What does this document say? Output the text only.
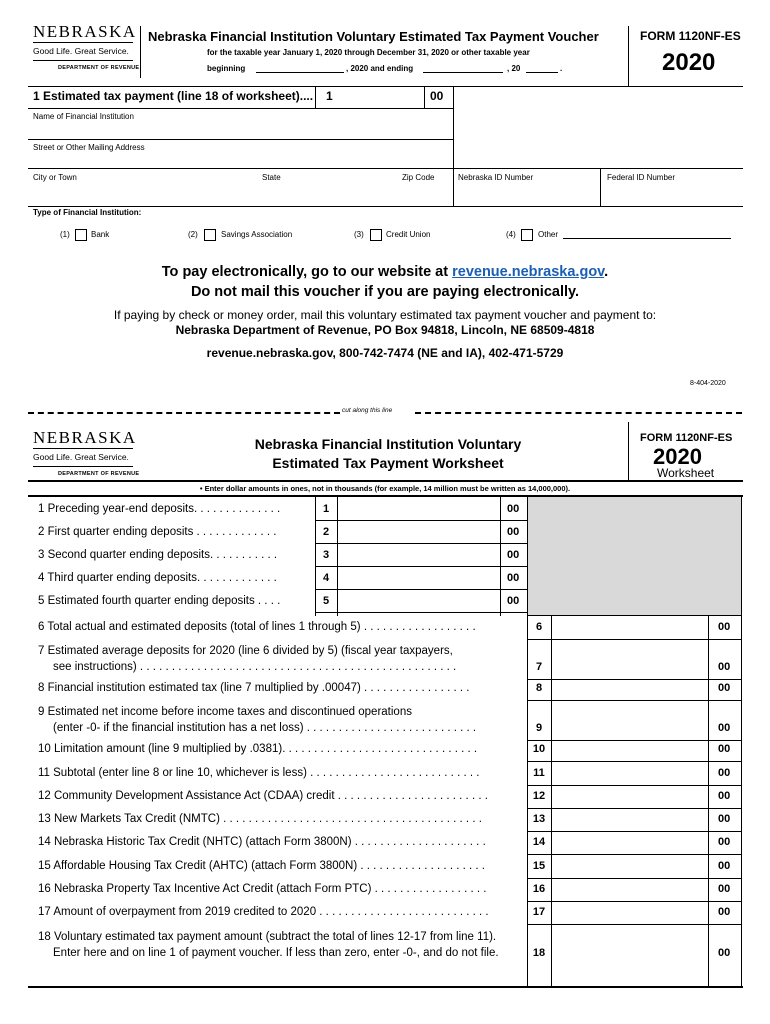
NEBRASKA
Good Life. Great Service.
DEPARTMENT OF REVENUE
Nebraska Financial Institution Voluntary Estimated Tax Payment Voucher
for the taxable year January 1, 2020 through December 31, 2020 or other taxable year
beginning	, 2020 and ending	, 20	.
FORM 1120NF-ES
2020
1 Estimated tax payment (line 18 of worksheet).... 1	00
Name of Financial Institution
Street or Other Mailing Address
City or Town	State	Zip Code	Nebraska ID Number	Federal ID Number
Type of Financial Institution:
(1)	Bank	(2)	Savings Association	(3)	Credit Union	(4)	Other
To pay electronically, go to our website at revenue.nebraska.gov.
Do not mail this voucher if you are paying electronically.
If paying by check or money order, mail this voluntary estimated tax payment voucher and payment to:
Nebraska Department of Revenue, PO Box 94818, Lincoln, NE 68509-4818
revenue.nebraska.gov, 800-742-7474 (NE and IA), 402-471-5729
8-404-2020
cut along this line
NEBRASKA
Good Life. Great Service.
DEPARTMENT OF REVENUE
Nebraska Financial Institution Voluntary
Estimated Tax Payment Worksheet
FORM 1120NF-ES
2020
Worksheet
• Enter dollar amounts in ones, not in thousands (for example, 14 million must be written as 14,000,000).
1 Preceding year-end deposits. . . . . . . . . . . . . .	1	00
2 First quarter ending deposits . . . . . . . . . . . . .	2	00
3 Second quarter ending deposits. . . . . . . . . . .	3	00
4 Third quarter ending deposits. . . . . . . . . . . . .	4	00
5 Estimated fourth quarter ending deposits . . . .	5	00
6 Total actual and estimated deposits (total of lines 1 through 5) . . . . . . . . . . . . . . . . . .	6	00
7 Estimated average deposits for 2020 (line 6 divided by 5) (fiscal year taxpayers,
see instructions) . . . . . . . . . . . . . . . . . . . . . . . . . . . . . . . . . . . . . . . . . . . . . . . . . .	7	00
8 Financial institution estimated tax (line 7 multiplied by .00047) . . . . . . . . . . . . . . . . .	8	00
9 Estimated net income before income taxes and discontinued operations
(enter -0- if the financial institution has a net loss) . . . . . . . . . . . . . . . . . . . . . . . . . . .	9	00
10 Limitation amount (line 9 multiplied by .0381). . . . . . . . . . . . . . . . . . . . . . . . . . . . . . .	10	00
11 Subtotal (enter line 8 or line 10, whichever is less) . . . . . . . . . . . . . . . . . . . . . . . . . . .	11	00
12 Community Development Assistance Act (CDAA) credit . . . . . . . . . . . . . . . . . . . . . . . .	12	00
13 New Markets Tax Credit (NMTC) . . . . . . . . . . . . . . . . . . . . . . . . . . . . . . . . . . . . . . . . .	13	00
14 Nebraska Historic Tax Credit (NHTC) (attach Form 3800N) . . . . . . . . . . . . . . . . . . . . .	14	00
15 Affordable Housing Tax Credit (AHTC) (attach Form 3800N) . . . . . . . . . . . . . . . . . . . .	15	00
16 Nebraska Property Tax Incentive Act Credit (attach Form PTC) . . . . . . . . . . . . . . . . . .	16	00
17 Amount of overpayment from 2019 credited to 2020 . . . . . . . . . . . . . . . . . . . . . . . . . . .	17	00
18 Voluntary estimated tax payment amount (subtract the total of lines 12-17 from line 11).
Enter here and on line 1 of payment voucher. If less than zero, enter -0-, and do not file.	18	00
